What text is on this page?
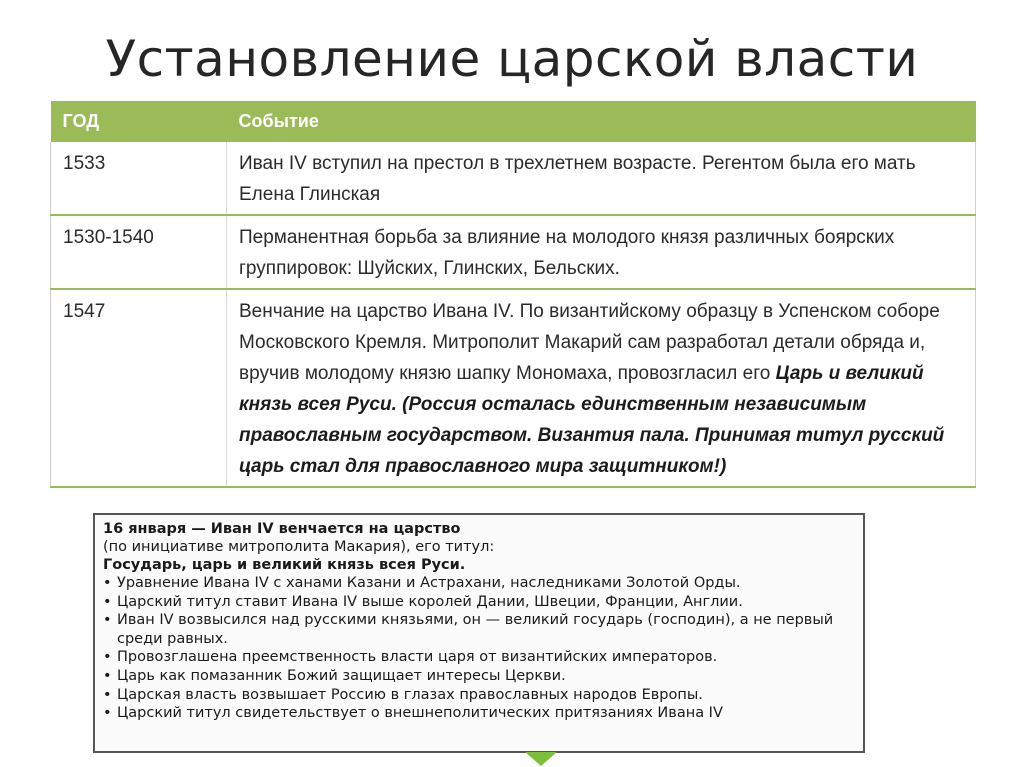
Установление царской власти
ГОД	Событие
1533	Иван IV вступил на престол в трехлетнем возрасте. Регентом была его мать Елена Глинская
1530-1540	Перманентная борьба за влияние на молодого князя различных боярских группировок: Шуйских, Глинских, Бельских.
1547	Венчание на царство Ивана IV. По византийскому образцу в Успенском соборе Московского Кремля. Митрополит Макарий сам разработал детали обряда и, вручив молодому князю шапку Мономаха, провозгласил его Царь и великий князь всея Руси. (Россия осталась единственным независимым православным государством. Византия пала. Принимая титул русский царь стал для православного мира защитником!)
16 января — Иван IV венчается на царство
(по инициативе митрополита Макария), его титул:
Государь, царь и великий князь всея Руси.
• Уравнение Ивана IV с ханами Казани и Астрахани, наследниками Золотой Орды.
• Царский титул ставит Ивана IV выше королей Дании, Швеции, Франции, Англии.
• Иван IV возвысился над русскими князьями, он — великий государь (господин), а не первый среди равных.
• Провозглашена преемственность власти царя от византийских императоров.
• Царь как помазанник Божий защищает интересы Церкви.
• Царская власть возвышает Россию в глазах православных народов Европы.
• Царский титул свидетельствует о внешнеполитических притязаниях Ивана IV
